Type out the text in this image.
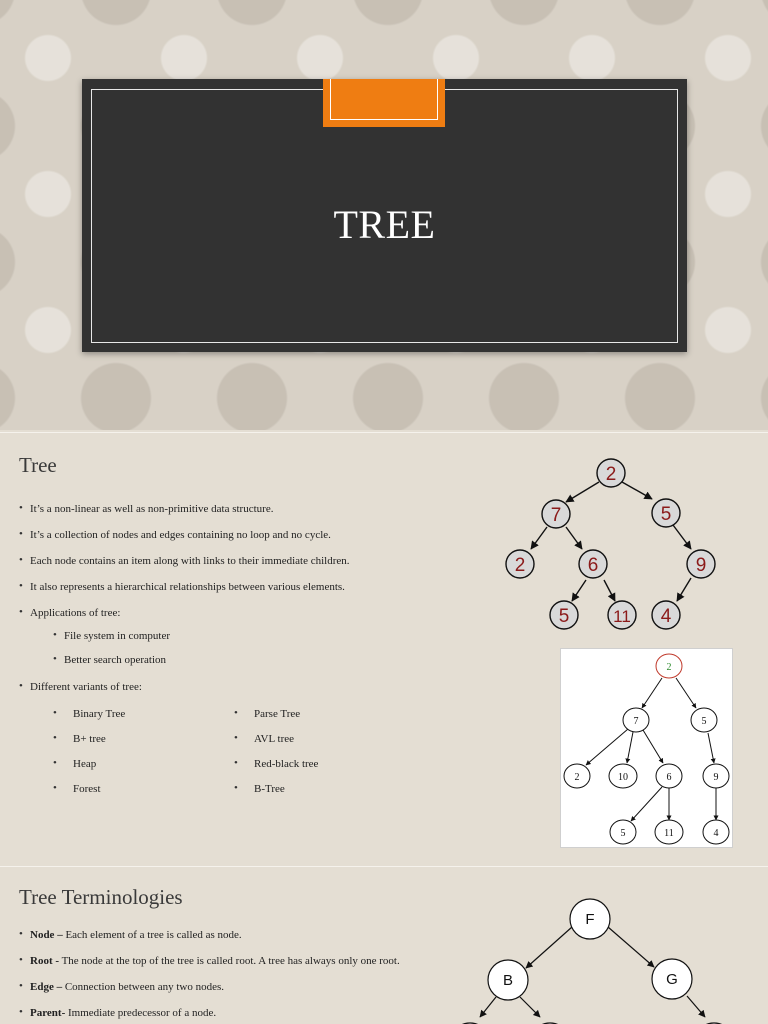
TREE
Tree
• It’s a non-linear as well as non-primitive data structure.
• It’s a collection of nodes and edges containing no loop and no cycle.
• Each node contains an item along with links to their immediate children.
• It also represents a hierarchical relationships between various elements.
• Applications of tree:
• File system in computer
• Better search operation
• Different variants of tree:
• Binary Tree
• B+ tree
• Heap
• Forest
• Parse Tree
• AVL tree
• Red-black tree
• B-Tree
2
7	5
2	6	9
5	11 4
2
7	5
2	10	6	9
5	11	4
Tree Terminologies
• Node – Each element of a tree is called as node.
• Root - The node at the top of the tree is called root. A tree has always only one root.
• Edge – Connection between any two nodes.
• Parent- Immediate predecessor of a node.
F
B	G
